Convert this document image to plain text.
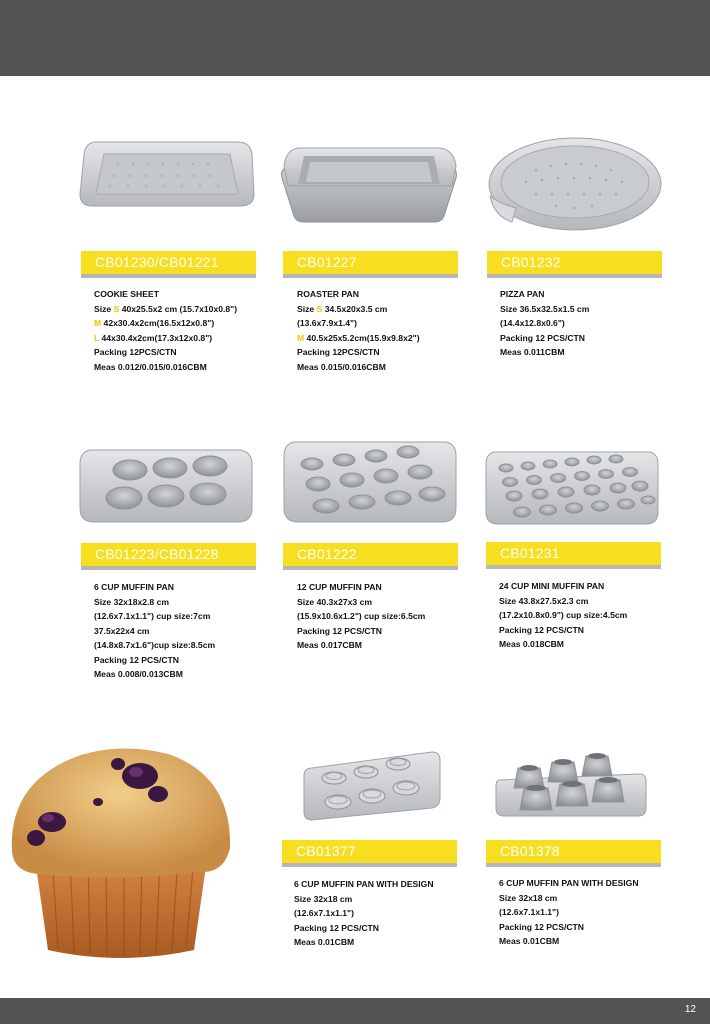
CB01230/CB01221
COOKIE SHEET
Size S 40x25.5x2 cm (15.7x10x0.8")
M 42x30.4x2cm(16.5x12x0.8")
L 44x30.4x2cm(17.3x12x0.8")
Packing 12PCS/CTN
Meas 0.012/0.015/0.016CBM
CB01227
ROASTER PAN
Size S 34.5x20x3.5 cm
(13.6x7.9x1.4")
M 40.5x25x5.2cm(15.9x9.8x2")
Packing 12PCS/CTN
Meas 0.015/0.016CBM
CB01232
PIZZA PAN
Size 36.5x32.5x1.5 cm
(14.4x12.8x0.6")
Packing 12 PCS/CTN
Meas 0.011CBM
CB01223/CB01228
6 CUP MUFFIN PAN
Size 32x18x2.8 cm
(12.6x7.1x1.1") cup size:7cm
37.5x22x4 cm
(14.8x8.7x1.6")cup size:8.5cm
Packing 12 PCS/CTN
Meas 0.008/0.013CBM
CB01222
12 CUP MUFFIN PAN
Size 40.3x27x3 cm
(15.9x10.6x1.2") cup size:6.5cm
Packing 12 PCS/CTN
Meas 0.017CBM
CB01231
24 CUP MINI MUFFIN PAN
Size 43.8x27.5x2.3 cm
(17.2x10.8x0.9") cup size:4.5cm
Packing 12 PCS/CTN
Meas 0.018CBM
CB01377
6 CUP MUFFIN PAN WITH DESIGN
Size 32x18 cm
(12.6x7.1x1.1")
Packing 12 PCS/CTN
Meas 0.01CBM
CB01378
6 CUP MUFFIN PAN WITH DESIGN
Size 32x18 cm
(12.6x7.1x1.1")
Packing 12 PCS/CTN
Meas 0.01CBM
12
